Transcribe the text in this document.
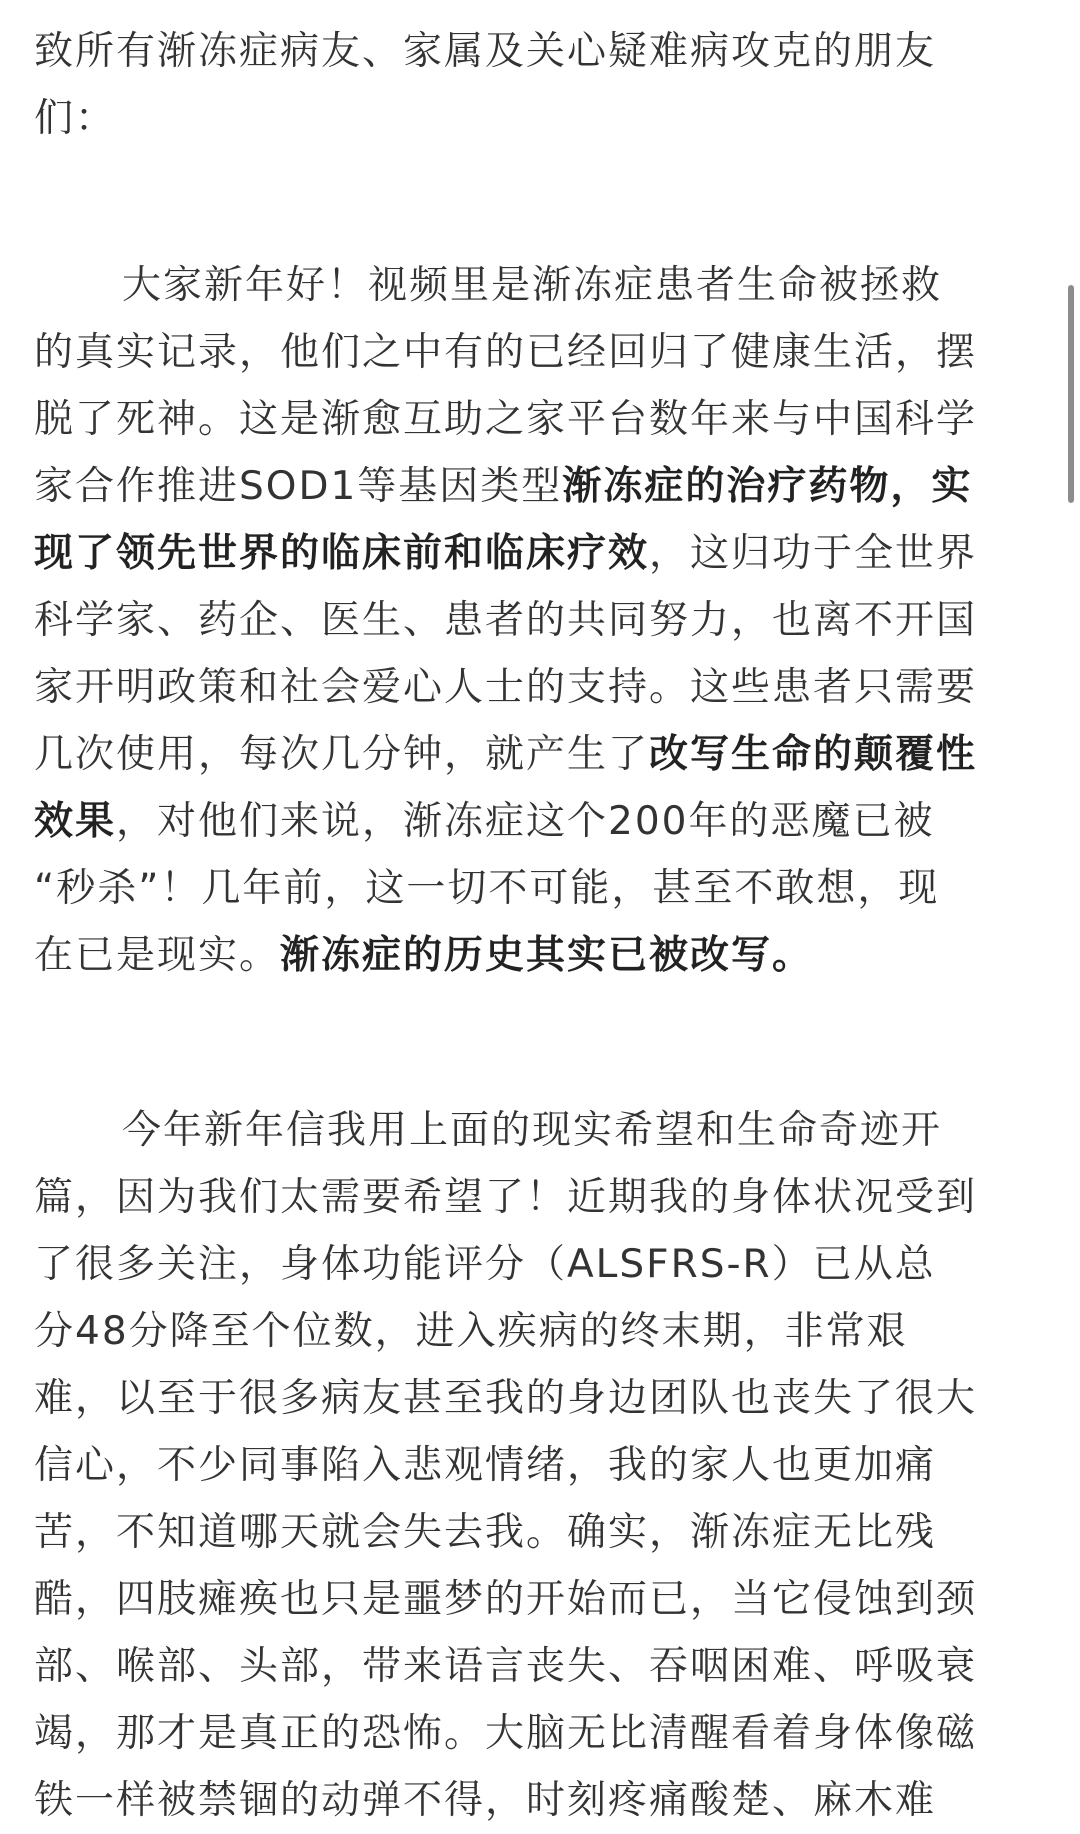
致所有渐冻症病友、家属及关心疑难病攻克的朋友
们：
大家新年好！视频里是渐冻症患者生命被拯救
的真实记录，他们之中有的已经回归了健康生活，摆
脱了死神。这是渐愈互助之家平台数年来与中国科学
家合作推进SOD1等基因类型渐冻症的治疗药物，实
现了领先世界的临床前和临床疗效，这归功于全世界
科学家、药企、医生、患者的共同努力，也离不开国
家开明政策和社会爱心人士的支持。这些患者只需要
几次使用，每次几分钟，就产生了改写生命的颠覆性
效果，对他们来说，渐冻症这个200年的恶魔已被
“秒杀”！几年前，这一切不可能，甚至不敢想，现
在已是现实。渐冻症的历史其实已被改写。
今年新年信我用上面的现实希望和生命奇迹开
篇，因为我们太需要希望了！近期我的身体状况受到
了很多关注，身体功能评分（ALSFRS-R）已从总
分48分降至个位数，进入疾病的终末期，非常艰
难，以至于很多病友甚至我的身边团队也丧失了很大
信心，不少同事陷入悲观情绪，我的家人也更加痛
苦，不知道哪天就会失去我。确实，渐冻症无比残
酷，四肢瘫痪也只是噩梦的开始而已，当它侵蚀到颈
部、喉部、头部，带来语言丧失、吞咽困难、呼吸衰
竭，那才是真正的恐怖。大脑无比清醒看着身体像磁
铁一样被禁锢的动弹不得，时刻疼痛酸楚、麻木难
